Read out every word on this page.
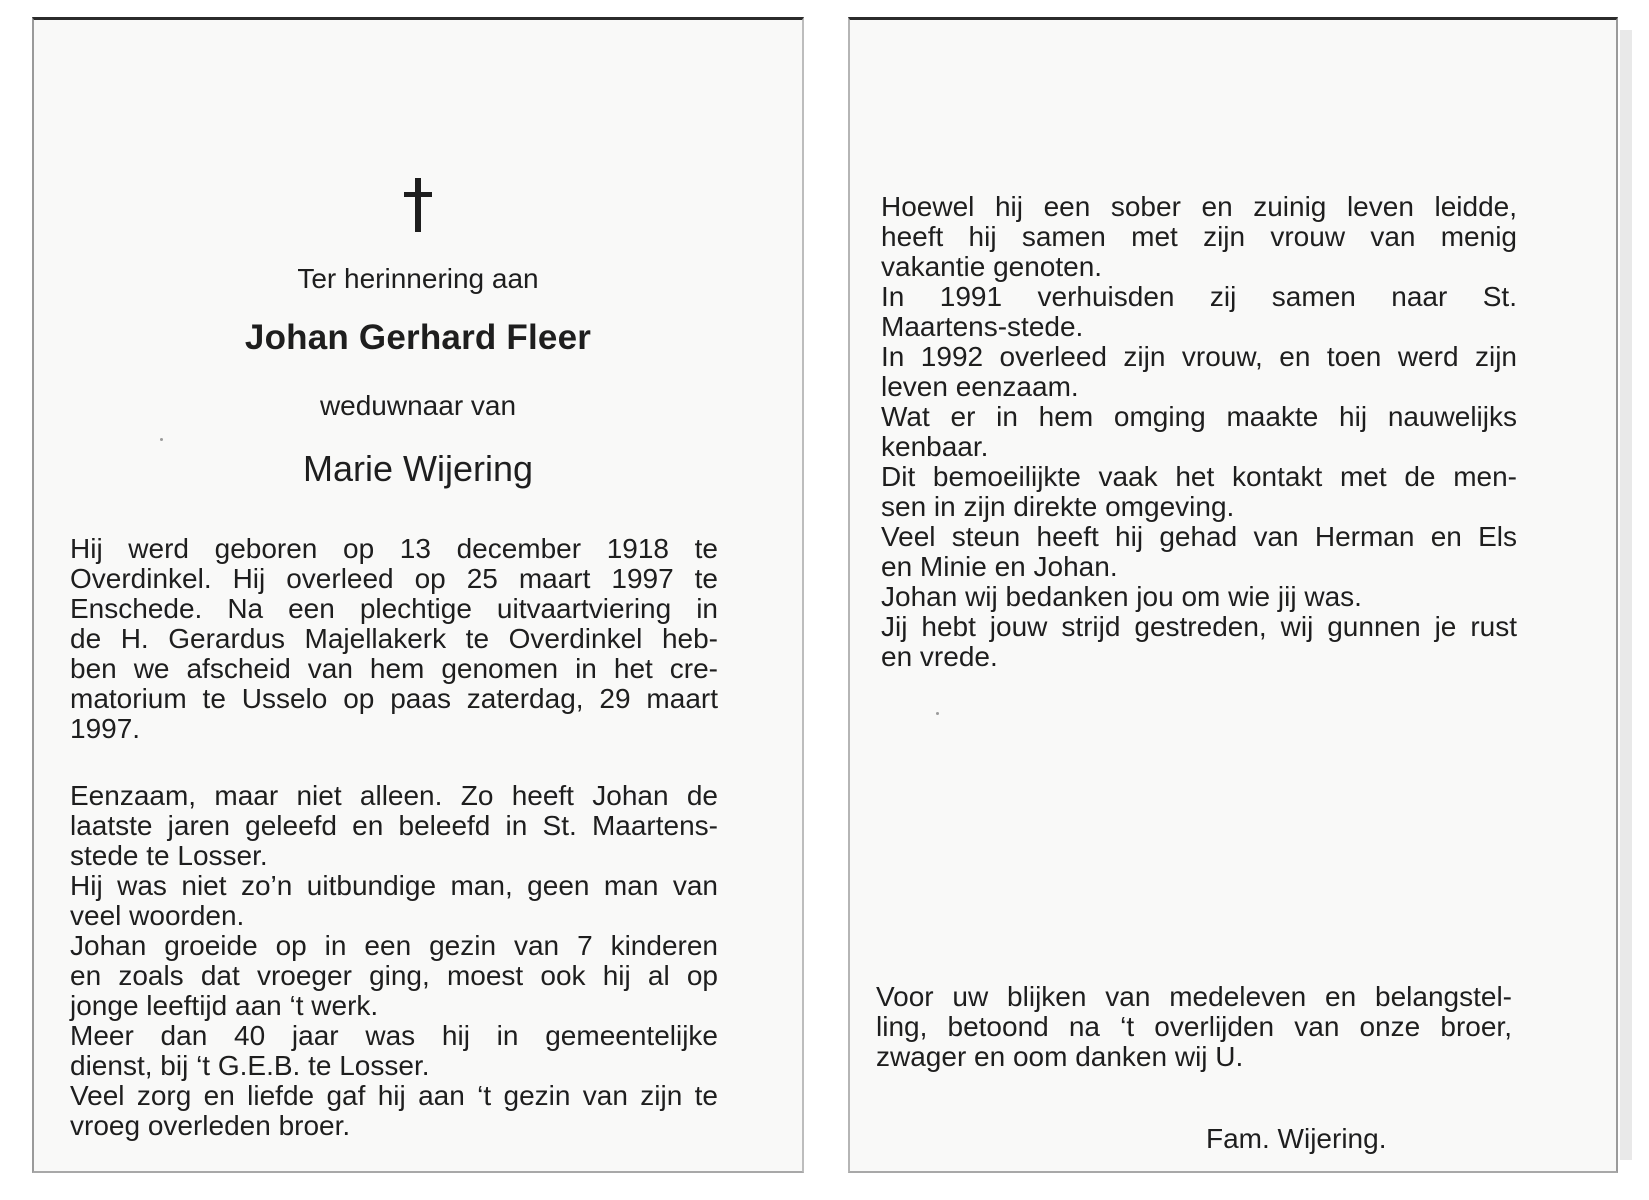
Ter herinnering aan

Johan Gerhard Fleer

weduwnaar van

Marie Wijering

Hij werd geboren op 13 december 1918 te
Overdinkel. Hij overleed op 25 maart 1997 te
Enschede. Na een plechtige uitvaartviering in
de H. Gerardus Majellakerk te Overdinkel heb-
ben we afscheid van hem genomen in het cre-
matorium te Usselo op paas zaterdag, 29 maart
1997.
Eenzaam, maar niet alleen. Zo heeft Johan de
laatste jaren geleefd en beleefd in St. Maartens-
stede te Losser.
Hij was niet zo’n uitbundige man, geen man van
veel woorden.
Johan groeide op in een gezin van 7 kinderen
en zoals dat vroeger ging, moest ook hij al op
jonge leeftijd aan ‘t werk.
Meer dan 40 jaar was hij in gemeentelijke
dienst, bij ‘t G.E.B. te Losser.
Veel zorg en liefde gaf hij aan ‘t gezin van zijn te
vroeg overleden broer.
Hoewel hij een sober en zuinig leven leidde,
heeft hij samen met zijn vrouw van menig
vakantie genoten.
In 1991 verhuisden zij samen naar St.
Maartens-stede.
In 1992 overleed zijn vrouw, en toen werd zijn
leven eenzaam.
Wat er in hem omging maakte hij nauwelijks
kenbaar.
Dit bemoeilijkte vaak het kontakt met de men-
sen in zijn direkte omgeving.
Veel steun heeft hij gehad van Herman en Els
en Minie en Johan.
Johan wij bedanken jou om wie jij was.
Jij hebt jouw strijd gestreden, wij gunnen je rust
en vrede.
Voor uw blijken van medeleven en belangstel-
ling, betoond na ‘t overlijden van onze broer,
zwager en oom danken wij U.

Fam. Wijering.
